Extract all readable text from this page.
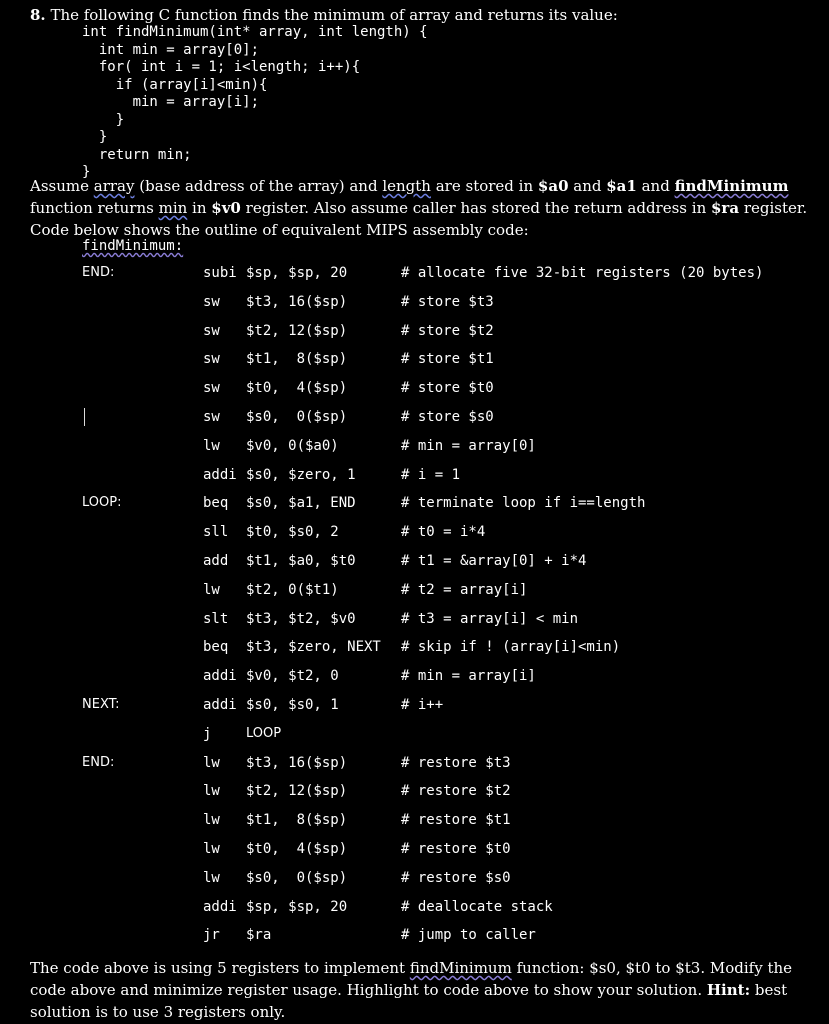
8. The following C function finds the minimum of array and returns its value:
int findMinimum(int* array, int length) {
int min = array[0];
for( int i = 1; i<length; i++){
if (array[i]<min){
min = array[i];
}
}
return min;
}
Assume array (base address of the array) and length are stored in $a0 and $a1 and findMinimum function returns min in $v0 register. Also assume caller has stored the return address in $ra register. Code below shows the outline of equivalent MIPS assembly code:
findMinimum:
END:	subi $sp, $sp, 20	# allocate five 32-bit registers (20 bytes)
sw $t3, 16($sp)	# store $t3
sw $t2, 12($sp)	# store $t2
sw $t1,  8($sp)	# store $t1
sw $t0,  4($sp)	# store $t0
sw $s0,  0($sp)	# store $s0
lw $v0, 0($a0)	# min = array[0]
addi $s0, $zero, 1	# i = 1
LOOP:	beq $s0, $a1, END	# terminate loop if i==length
sll $t0, $s0, 2	# t0 = i*4
add $t1, $a0, $t0	# t1 = &array[0] + i*4
lw $t2, 0($t1)	# t2 = array[i]
slt $t3, $t2, $v0	# t3 = array[i] < min
beq $t3, $zero, NEXT # skip if ! (array[i]<min)
addi $v0, $t2, 0	# min = array[i]
NEXT:	addi $s0, $s0, 1	# i++
j	LOOP
END:	lw $t3, 16($sp)	# restore $t3
lw $t2, 12($sp)	# restore $t2
lw $t1,  8($sp)	# restore $t1
lw $t0,  4($sp)	# restore $t0
lw $s0,  0($sp)	# restore $s0
addi $sp, $sp, 20	# deallocate stack
jr $ra	# jump to caller
The code above is using 5 registers to implement findMinimum function: $s0, $t0 to $t3. Modify the code above and minimize register usage. Highlight to code above to show your solution. Hint: best solution is to use 3 registers only.
